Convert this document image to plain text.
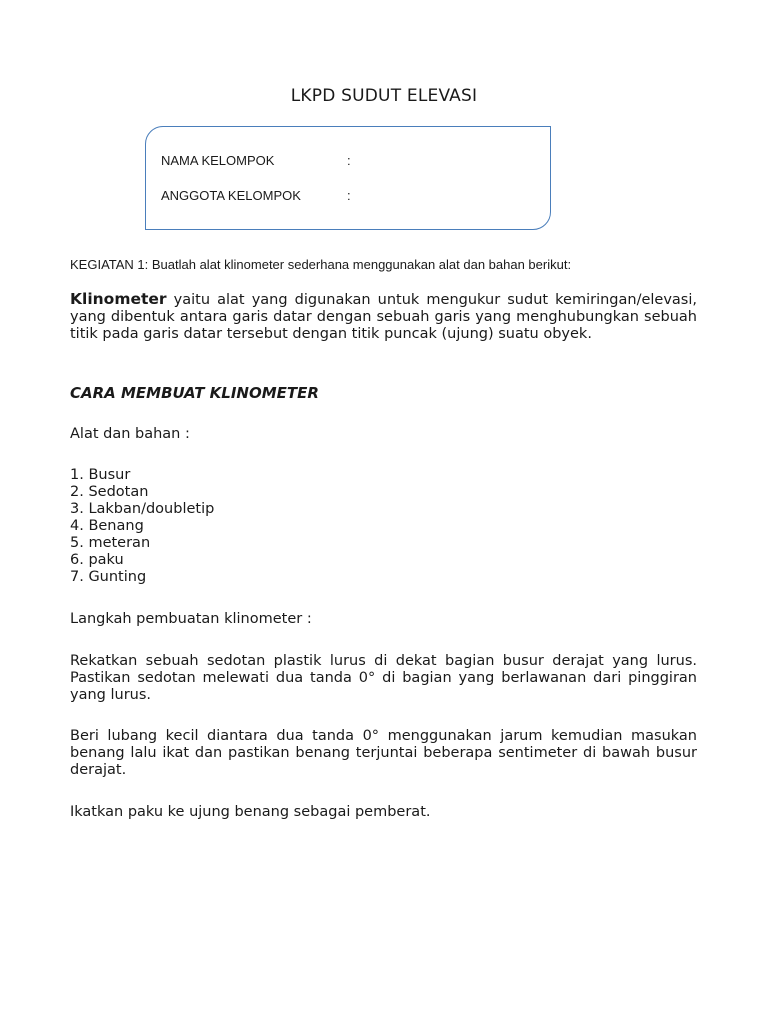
LKPD SUDUT ELEVASI
NAMA KELOMPOK	:
ANGGOTA KELOMPOK	:
KEGIATAN 1: Buatlah alat klinometer sederhana menggunakan alat dan bahan berikut:

Klinometer yaitu alat yang digunakan untuk mengukur sudut kemiringan/elevasi, yang dibentuk antara garis datar dengan sebuah garis yang menghubungkan sebuah titik pada garis datar tersebut dengan titik puncak (ujung) suatu obyek.

CARA MEMBUAT KLINOMETER

Alat dan bahan :

1. Busur
2. Sedotan
3. Lakban/doubletip
4. Benang
5. meteran
6. paku
7. Gunting

Langkah pembuatan klinometer :

Rekatkan sebuah sedotan plastik lurus di dekat bagian busur derajat yang lurus. Pastikan sedotan melewati dua tanda 0° di bagian yang berlawanan dari pinggiran yang lurus.

Beri lubang kecil diantara dua tanda 0° menggunakan jarum kemudian masukan benang lalu ikat dan pastikan benang terjuntai beberapa sentimeter di bawah busur derajat.

Ikatkan paku ke ujung benang sebagai pemberat.
